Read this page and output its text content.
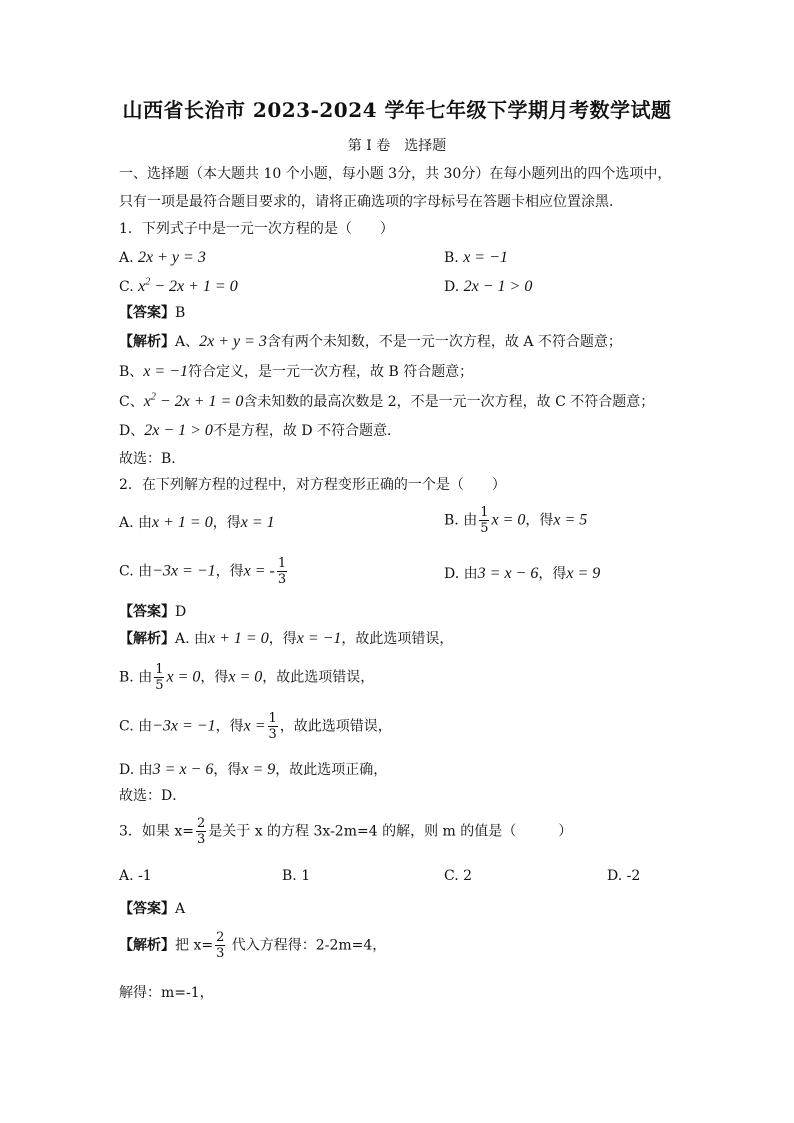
山西省长治市 2023-2024 学年七年级下学期月考数学试题
第 I 卷　选择题
一、选择题（本大题共 10 个小题，每小题 3分，共 30分）在每小题列出的四个选项中，
只有一项是最符合题目要求的，请将正确选项的字母标号在答题卡相应位置涂黑．
1．下列式子中是一元一次方程的是（　　）
A. 2x + y = 3	B. x = −1
C. $x^2 - 2x + 1 = 0$	D. 2x − 1 > 0
【答案】B
【解析】A、2x + y = 3含有两个未知数，不是一元一次方程，故 A 不符合题意；
B、x = −1符合定义，是一元一次方程，故 B 符合题意；
C、$x^2 - 2x + 1 = 0$含未知数的最高次数是 2，不是一元一次方程，故 C 不符合题意；
D、2x − 1 > 0不是方程，故 D 不符合题意．
故选：B．
2．在下列解方程的过程中，对方程变形正确的一个是（　　）
A. 由x + 1 = 0，得x = 1	B. 由 $\frac{1}{5}$ x = 0，得x = 5
C. 由−3x = −1，得x = - $\frac{1}{3}$	D. 由3 = x − 6，得x = 9
【答案】D
【解析】A. 由x + 1 = 0，得x = −1，故此选项错误，
B. 由 $\frac{1}{5}$ x = 0，得x = 0，故此选项错误，
C. 由−3x = −1，得$x = \frac{1}{3}$ ，故此选项错误，
D. 由3 = x − 6，得x = 9，故此选项正确，
故选：D．
3．如果 $x= \frac{2}{3}$ 是关于 x 的方程 3x-2m=4 的解，则 m 的值是（　　　）
A. -1	B. 1	C. 2	D. -2
【答案】A
【解析】把 $x= \frac{2}{3}$ 代入方程得：2-2m=4，
解得：m=-1，
